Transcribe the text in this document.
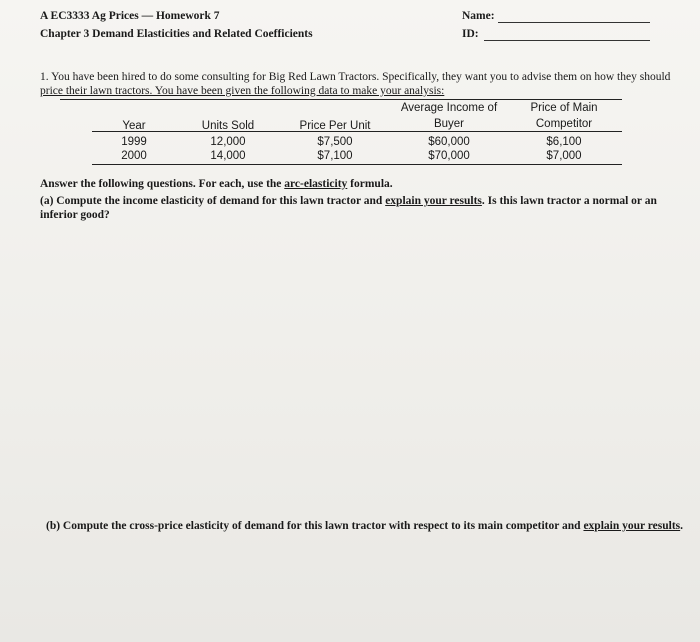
A EC3333 Ag Prices — Homework 7
Chapter 3 Demand Elasticities and Related Coefficients
Name:
ID:
1. You have been hired to do some consulting for Big Red Lawn Tractors. Specifically, they want you to advise them on how they should price their lawn tractors. You have been given the following data to make your analysis:
Year	Units Sold	Price Per Unit	Average Income of Buyer	Price of Main Competitor
1999	12,000	$7,500	$60,000	$6,100
2000	14,000	$7,100	$70,000	$7,000
Answer the following questions. For each, use the arc-elasticity formula.
(a) Compute the income elasticity of demand for this lawn tractor and explain your results. Is this lawn tractor a normal or an inferior good?
(b) Compute the cross-price elasticity of demand for this lawn tractor with respect to its main competitor and explain your results.
